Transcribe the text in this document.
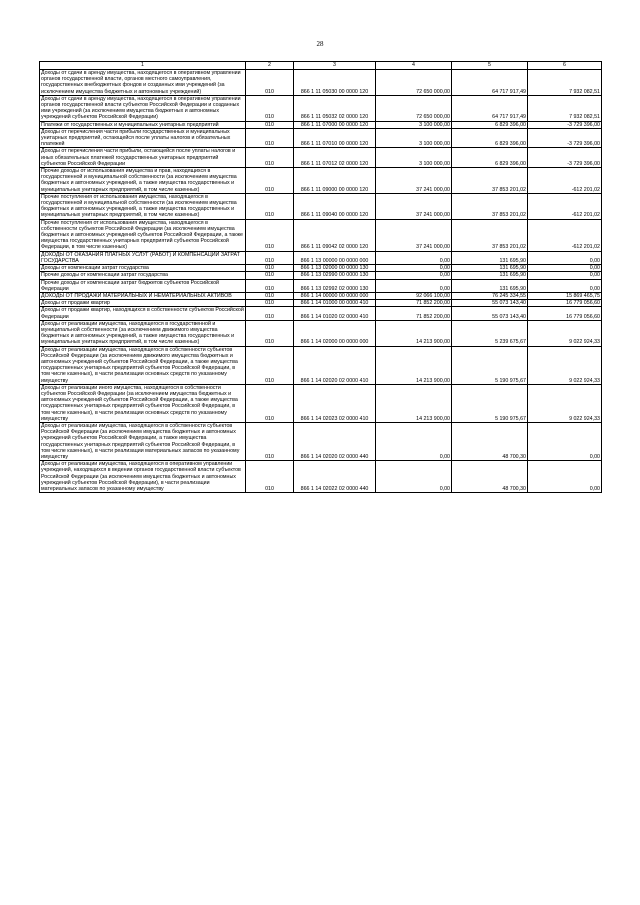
28
1	2	3	4	5	6
Доходы от сдачи в аренду имущества, находящегося в оперативном управлении органов государственной власти, органов местного самоуправления, государственных внебюджетных фондов и созданных ими учреждений (за исключением имущества бюджетных и автономных учреждений)	010	866 1 11 05030 00 0000 120	72 650 000,00	64 717 917,49	7 932 082,51
Доходы от сдачи в аренду имущества, находящегося в оперативном управлении органов государственной власти субъектов Российской Федерации и созданных ими учреждений (за исключением имущества бюджетных и автономных учреждений субъектов Российской Федерации)	010	866 1 11 05032 02 0000 120	72 650 000,00	64 717 917,49	7 932 082,51
Платежи от государственных и муниципальных унитарных предприятий	010	866 1 11 07000 00 0000 120	3 100 000,00	6 829 396,00	-3 729 396,00
Доходы от перечисления части прибыли государственных и муниципальных унитарных предприятий, остающейся после уплаты налогов и обязательных платежей	010	866 1 11 07010 00 0000 120	3 100 000,00	6 829 396,00	-3 729 396,00
Доходы от перечисления части прибыли, остающейся после уплаты налогов и иных обязательных платежей государственных унитарных предприятий субъектов Российской Федерации	010	866 1 11 07012 02 0000 120	3 100 000,00	6 829 396,00	-3 729 396,00
Прочие доходы от использования имущества и прав, находящихся в государственной и муниципальной собственности (за исключением имущества бюджетных и автономных учреждений, а также имущества государственных и муниципальных унитарных предприятий, в том числе казенных)	010	866 1 11 09000 00 0000 120	37 241 000,00	37 853 201,02	-612 201,02
Прочие поступления от использования имущества, находящегося в государственной и муниципальной собственности (за исключением имущества бюджетных и автономных учреждений, а также имущества государственных и муниципальных унитарных предприятий, в том числе казенных)	010	866 1 11 09040 00 0000 120	37 241 000,00	37 853 201,02	-612 201,02
Прочие поступления от использования имущества, находящегося в собственности субъектов Российской Федерации (за исключением имущества бюджетных и автономных учреждений субъектов Российской Федерации, а также имущества государственных унитарных предприятий субъектов Российской Федерации, в том числе казенных)	010	866 1 11 09042 02 0000 120	37 241 000,00	37 853 201,02	-612 201,02
ДОХОДЫ ОТ ОКАЗАНИЯ ПЛАТНЫХ УСЛУГ (РАБОТ) И КОМПЕНСАЦИИ ЗАТРАТ ГОСУДАРСТВА	010	866 1 13 00000 00 0000 000	0,00	131 695,90	0,00
Доходы от компенсации затрат государства	010	866 1 13 02000 00 0000 130	0,00	131 695,90	0,00
Прочие доходы от компенсации затрат государства	010	866 1 13 02990 00 0000 130	0,00	131 695,90	0,00
Прочие доходы от компенсации затрат бюджетов субъектов Российской Федерации	010	866 1 13 02992 02 0000 130	0,00	131 695,90	0,00
ДОХОДЫ ОТ ПРОДАЖИ МАТЕРИАЛЬНЫХ И НЕМАТЕРИАЛЬНЫХ АКТИВОВ	010	866 1 14 00000 00 0000 000	92 066 100,00	76 245 334,55	15 869 465,75
Доходы от продажи квартир	010	866 1 14 01000 00 0000 410	71 852 200,00	55 073 143,40	16 779 056,60
Доходы от продажи квартир, находящихся в собственности субъектов Российской Федерации	010	866 1 14 01020 02 0000 410	71 852 200,00	55 073 143,40	16 779 056,60
Доходы от реализации имущества, находящегося в государственной и муниципальной собственности (за исключением движимого имущества бюджетных и автономных учреждений, а также имущества государственных и муниципальных унитарных предприятий, в том числе казенных)	010	866 1 14 02000 00 0000 000	14 213 900,00	5 239 675,67	9 022 924,33
Доходы от реализации имущества, находящегося в собственности субъектов Российской Федерации (за исключением движимого имущества бюджетных и автономных учреждений субъектов Российской Федерации, а также имущества государственных унитарных предприятий субъектов Российской Федерации, в том числе казенных), в части реализации основных средств по указанному имуществу	010	866 1 14 02020 02 0000 410	14 213 900,00	5 190 975,67	9 022 924,33
Доходы от реализации иного имущества, находящегося в собственности субъектов Российской Федерации (за исключением имущества бюджетных и автономных учреждений субъектов Российской Федерации, а также имущества государственных унитарных предприятий субъектов Российской Федерации, в том числе казенных), в части реализации основных средств по указанному имуществу	010	866 1 14 02023 02 0000 410	14 213 900,00	5 190 975,67	9 022 924,33
Доходы от реализации имущества, находящегося в собственности субъектов Российской Федерации (за исключением имущества бюджетных и автономных учреждений субъектов Российской Федерации, а также имущества государственных унитарных предприятий субъектов Российской Федерации, в том числе казенных), в части реализации материальных запасов по указанному имуществу	010	866 1 14 02020 02 0000 440	0,00	48 700,30	0,00
Доходы от реализации имущества, находящегося в оперативном управлении учреждений, находящихся в ведении органов государственной власти субъектов Российской Федерации (за исключением имущества бюджетных и автономных учреждений субъектов Российской Федерации), в части реализации материальных запасов по указанному имуществу	010	866 1 14 02022 02 0000 440	0,00	48 700,30	0,00
